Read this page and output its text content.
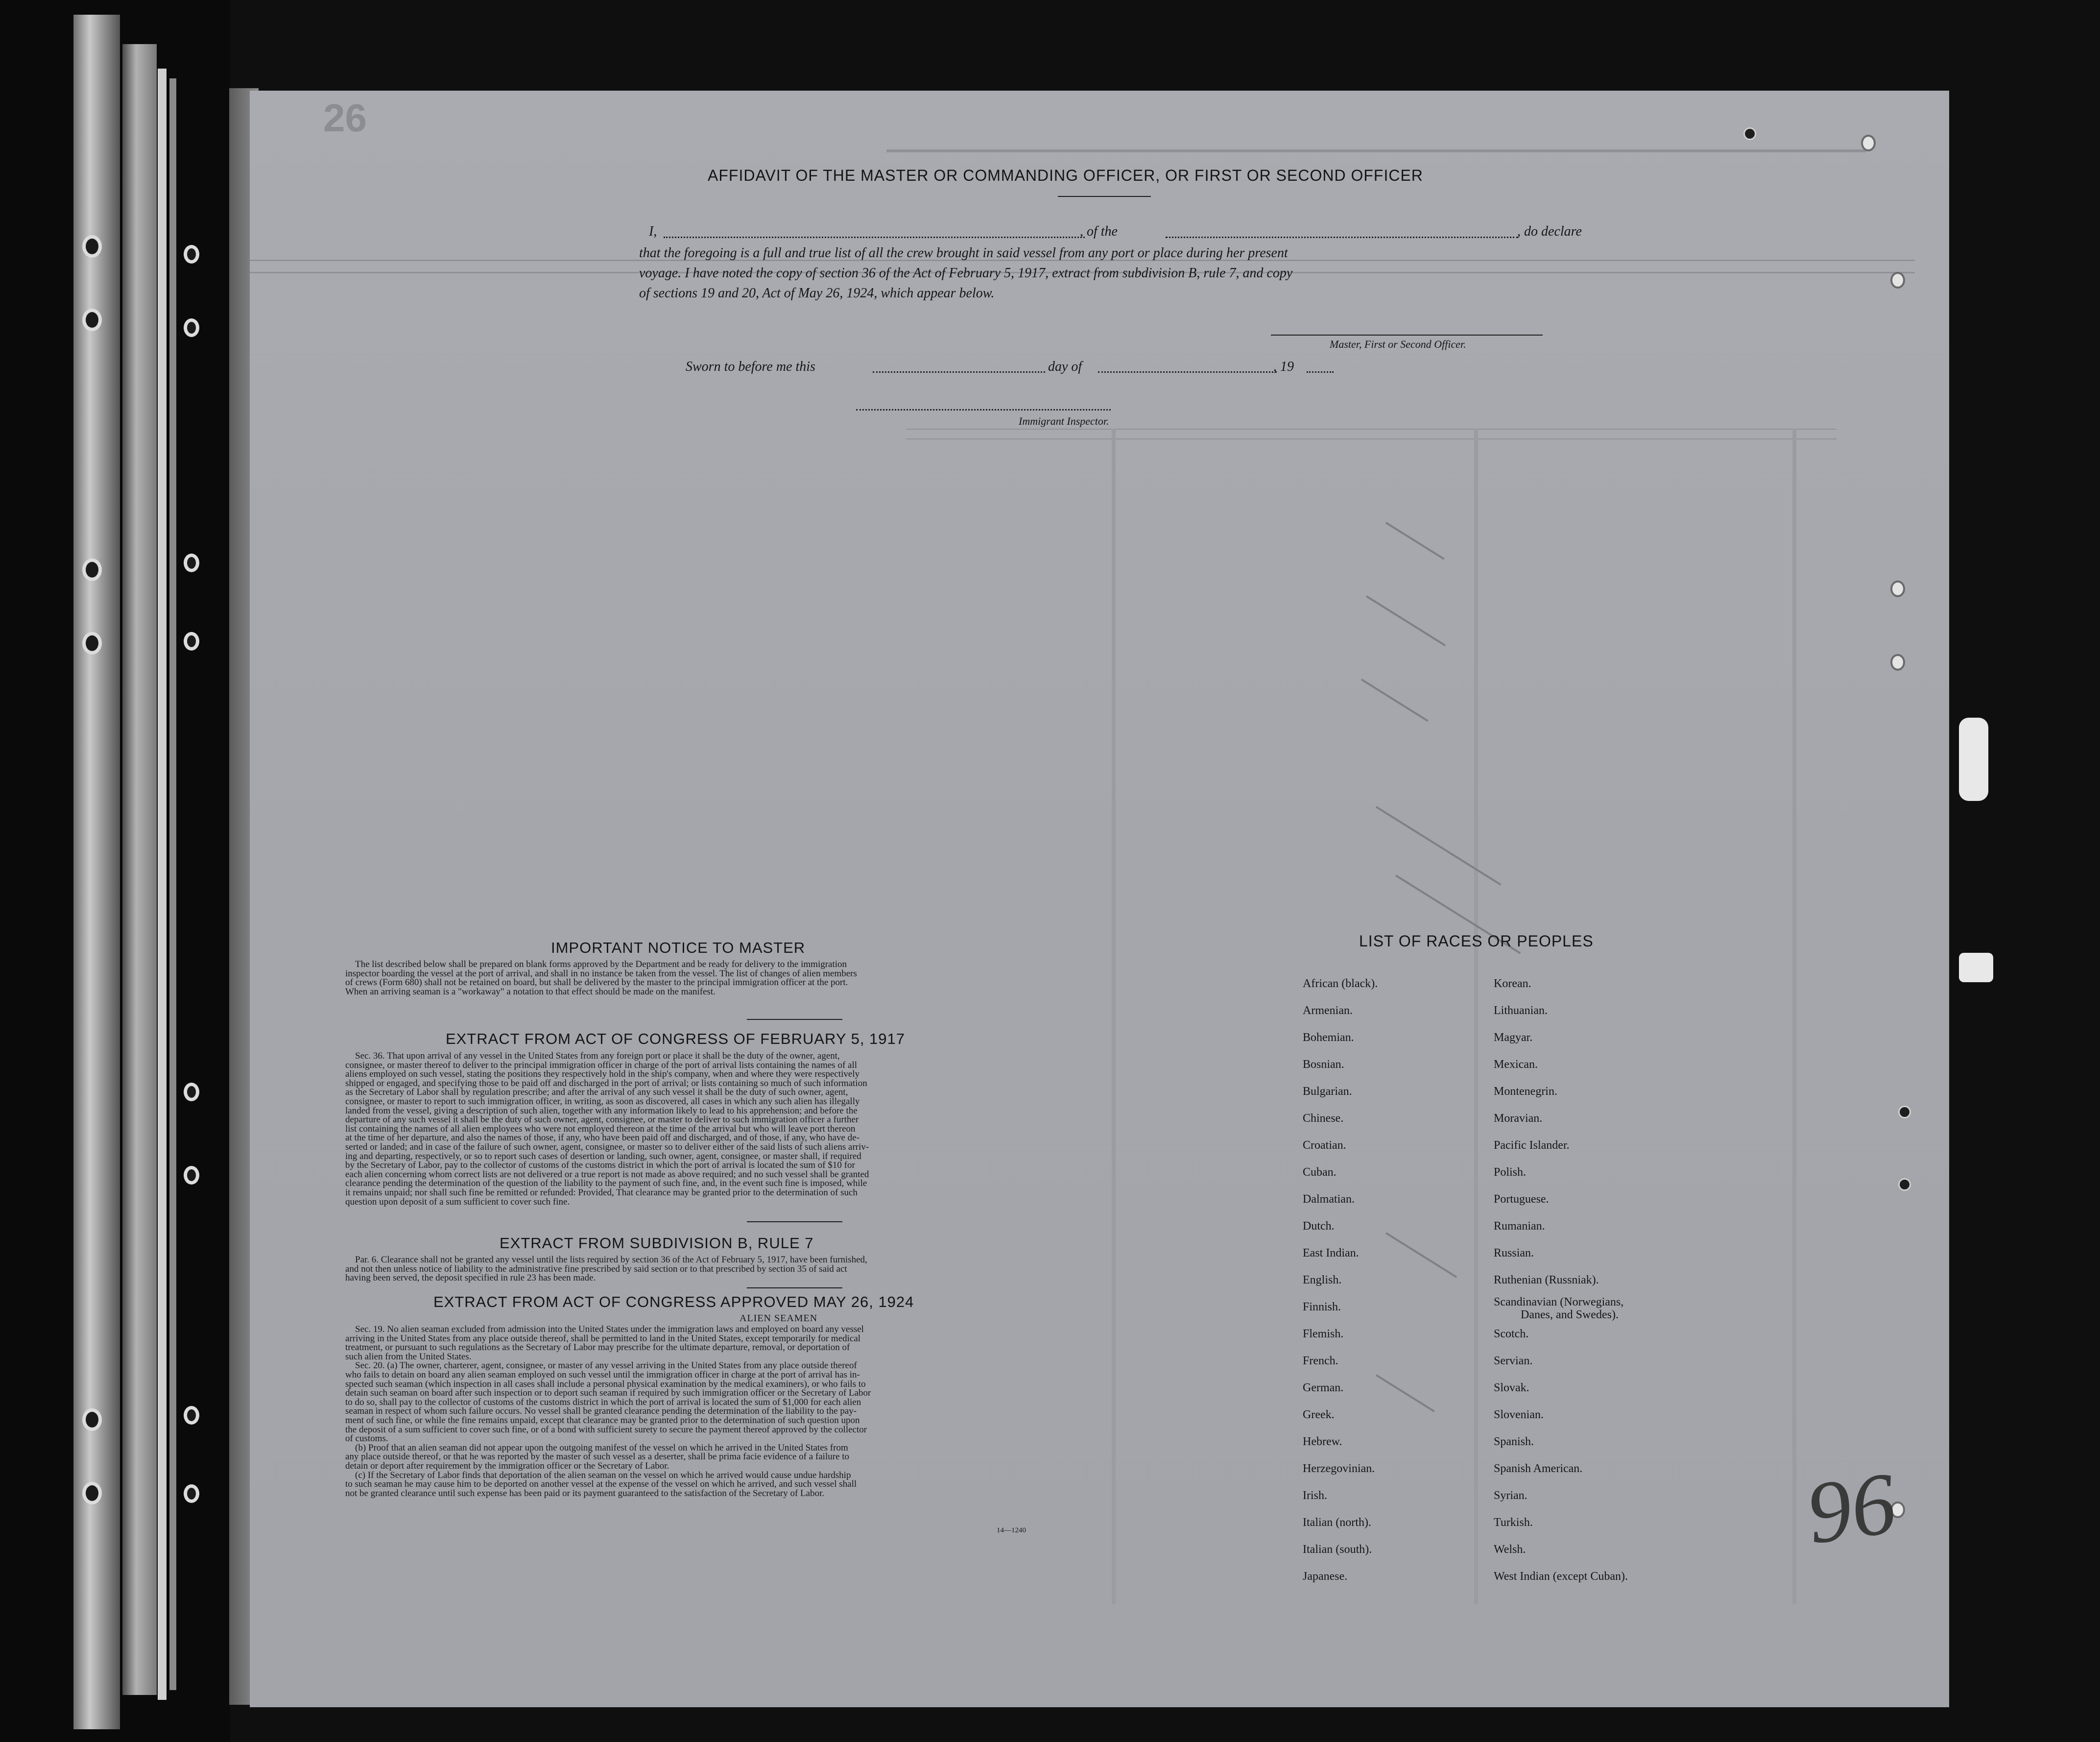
26
AFFIDAVIT OF THE MASTER OR COMMANDING OFFICER, OR FIRST OR SECOND OFFICER
I,	, of the	, do declare
that the foregoing is a full and true list of all the crew brought in said vessel from any port or place during her present
voyage. I have noted the copy of section 36 of the Act of February 5, 1917, extract from subdivision B, rule 7, and copy
of sections 19 and 20, Act of May 26, 1924, which appear below.
Master, First or Second Officer.
Sworn to before me this	day of	, 19
Immigrant Inspector.
IMPORTANT NOTICE TO MASTER

The list described below shall be prepared on blank forms approved by the Department and be ready for delivery to the immigration

inspector boarding the vessel at the port of arrival, and shall in no instance be taken from the vessel. The list of changes of alien members

of crews (Form 680) shall not be retained on board, but shall be delivered by the master to the principal immigration officer at the port.

When an arriving seaman is a "workaway" a notation to that effect should be made on the manifest.

EXTRACT FROM ACT OF CONGRESS OF FEBRUARY 5, 1917

Sec. 36. That upon arrival of any vessel in the United States from any foreign port or place it shall be the duty of the owner, agent,

consignee, or master thereof to deliver to the principal immigration officer in charge of the port of arrival lists containing the names of all

aliens employed on such vessel, stating the positions they respectively hold in the ship's company, when and where they were respectively

shipped or engaged, and specifying those to be paid off and discharged in the port of arrival; or lists containing so much of such information

as the Secretary of Labor shall by regulation prescribe; and after the arrival of any such vessel it shall be the duty of such owner, agent,

consignee, or master to report to such immigration officer, in writing, as soon as discovered, all cases in which any such alien has illegally

landed from the vessel, giving a description of such alien, together with any information likely to lead to his apprehension; and before the

departure of any such vessel it shall be the duty of such owner, agent, consignee, or master to deliver to such immigration officer a further

list containing the names of all alien employees who were not employed thereon at the time of the arrival but who will leave port thereon

at the time of her departure, and also the names of those, if any, who have been paid off and discharged, and of those, if any, who have de-

serted or landed; and in case of the failure of such owner, agent, consignee, or master so to deliver either of the said lists of such aliens arriv-

ing and departing, respectively, or so to report such cases of desertion or landing, such owner, agent, consignee, or master shall, if required

by the Secretary of Labor, pay to the collector of customs of the customs district in which the port of arrival is located the sum of $10 for

each alien concerning whom correct lists are not delivered or a true report is not made as above required; and no such vessel shall be granted

clearance pending the determination of the question of the liability to the payment of such fine, and, in the event such fine is imposed, while

it remains unpaid; nor shall such fine be remitted or refunded: Provided, That clearance may be granted prior to the determination of such

question upon deposit of a sum sufficient to cover such fine.

EXTRACT FROM SUBDIVISION B, RULE 7

Par. 6. Clearance shall not be granted any vessel until the lists required by section 36 of the Act of February 5, 1917, have been furnished,

and not then unless notice of liability to the administrative fine prescribed by said section or to that prescribed by section 35 of said act

having been served, the deposit specified in rule 23 has been made.

EXTRACT FROM ACT OF CONGRESS APPROVED MAY 26, 1924
ALIEN SEAMEN

Sec. 19. No alien seaman excluded from admission into the United States under the immigration laws and employed on board any vessel

arriving in the United States from any place outside thereof, shall be permitted to land in the United States, except temporarily for medical

treatment, or pursuant to such regulations as the Secretary of Labor may prescribe for the ultimate departure, removal, or deportation of

such alien from the United States.

Sec. 20. (a) The owner, charterer, agent, consignee, or master of any vessel arriving in the United States from any place outside thereof

who fails to detain on board any alien seaman employed on such vessel until the immigration officer in charge at the port of arrival has in-

spected such seaman (which inspection in all cases shall include a personal physical examination by the medical examiners), or who fails to

detain such seaman on board after such inspection or to deport such seaman if required by such immigration officer or the Secretary of Labor

to do so, shall pay to the collector of customs of the customs district in which the port of arrival is located the sum of $1,000 for each alien

seaman in respect of whom such failure occurs. No vessel shall be granted clearance pending the determination of the liability to the pay-

ment of such fine, or while the fine remains unpaid, except that clearance may be granted prior to the determination of such question upon

the deposit of a sum sufficient to cover such fine, or of a bond with sufficient surety to secure the payment thereof approved by the collector

of customs.

(b) Proof that an alien seaman did not appear upon the outgoing manifest of the vessel on which he arrived in the United States from

any place outside thereof, or that he was reported by the master of such vessel as a deserter, shall be prima facie evidence of a failure to

detain or deport after requirement by the immigration officer or the Secretary of Labor.

(c) If the Secretary of Labor finds that deportation of the alien seaman on the vessel on which he arrived would cause undue hardship

to such seaman he may cause him to be deported on another vessel at the expense of the vessel on which he arrived, and such vessel shall

not be granted clearance until such expense has been paid or its payment guaranteed to the satisfaction of the Secretary of Labor.

14—1240
LIST OF RACES OR PEOPLES
African (black).
Armenian.
Bohemian.
Bosnian.
Bulgarian.
Chinese.
Croatian.
Cuban.
Dalmatian.
Dutch.
East Indian.
English.
Finnish.
Flemish.
French.
German.
Greek.
Hebrew.
Herzegovinian.
Irish.
Italian (north).
Italian (south).
Japanese.
Korean.
Lithuanian.
Magyar.
Mexican.
Montenegrin.
Moravian.
Pacific Islander.
Polish.
Portuguese.
Rumanian.
Russian.
Ruthenian (Russniak).
Scandinavian (Norwegians,
Danes, and Swedes).
Scotch.
Servian.
Slovak.
Slovenian.
Spanish.
Spanish American.
Syrian.
Turkish.
Welsh.
West Indian (except Cuban).
96
